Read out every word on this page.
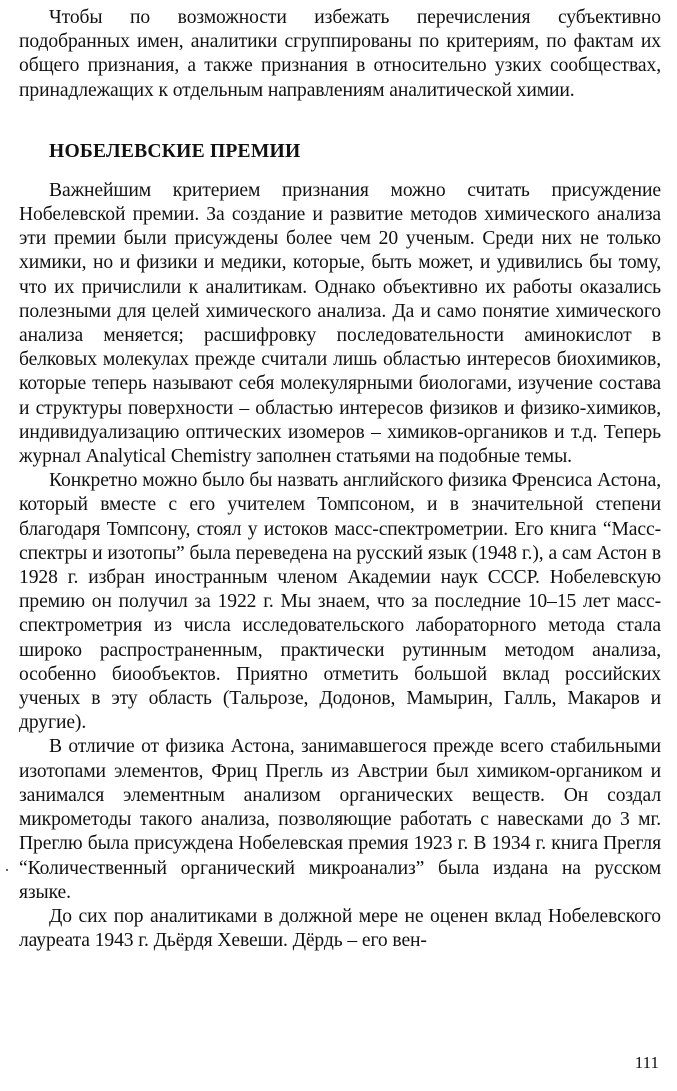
Чтобы по возможности избежать перечисления субъективно подобранных имен, аналитики сгруппированы по критериям, по фактам их общего признания, а также признания в относительно узких сообществах, принадлежащих к отдельным направлениям аналитической химии.

НОБЕЛЕВСКИЕ ПРЕМИИ

Важнейшим критерием признания можно считать присуждение Нобелевской премии. За создание и развитие методов химического анализа эти премии были присуждены более чем 20 ученым. Среди них не только химики, но и физики и медики, которые, быть может, и удивились бы тому, что их причислили к аналитикам. Однако объективно их работы оказались полезными для целей химического анализа. Да и само понятие химического анализа меняется; расшифровку последовательности аминокислот в белковых молекулах прежде считали лишь областью интересов биохимиков, которые теперь называют себя молекулярными биологами, изучение состава и структуры поверхности – областью интересов физиков и физико-химиков, индивидуализацию оптических изомеров – химиков-органиков и т.д. Теперь журнал Analytical Chemistry заполнен статьями на подобные темы.

Конкретно можно было бы назвать английского физика Френсиса Астона, который вместе с его учителем Томпсоном, и в значительной степени благодаря Томпсону, стоял у истоков масс-спектрометрии. Его книга “Масс-спектры и изотопы” была переведена на русский язык (1948 г.), а сам Астон в 1928 г. избран иностранным членом Академии наук СССР. Нобелевскую премию он получил за 1922 г. Мы знаем, что за последние 10–15 лет масс-спектрометрия из числа исследовательского лабораторного метода стала широко распространенным, практически рутинным методом анализа, особенно биообъектов. Приятно отметить большой вклад российских ученых в эту область (Тальрозе, Додонов, Мамырин, Галль, Макаров и другие).

В отличие от физика Астона, занимавшегося прежде всего стабильными изотопами элементов, Фриц Прегль из Австрии был химиком-органиком и занимался элементным анализом органических веществ. Он создал микрометоды такого анализа, позволяющие работать с навесками до 3 мг. Преглю была присуждена Нобелевская премия 1923 г. В 1934 г. книга Прегля “Количественный органический микроанализ” была издана на русском языке.

До сих пор аналитиками в должной мере не оценен вклад Нобелевского лауреата 1943 г. Дьёрдя Хевеши. Дёрдь – его вен-

111
